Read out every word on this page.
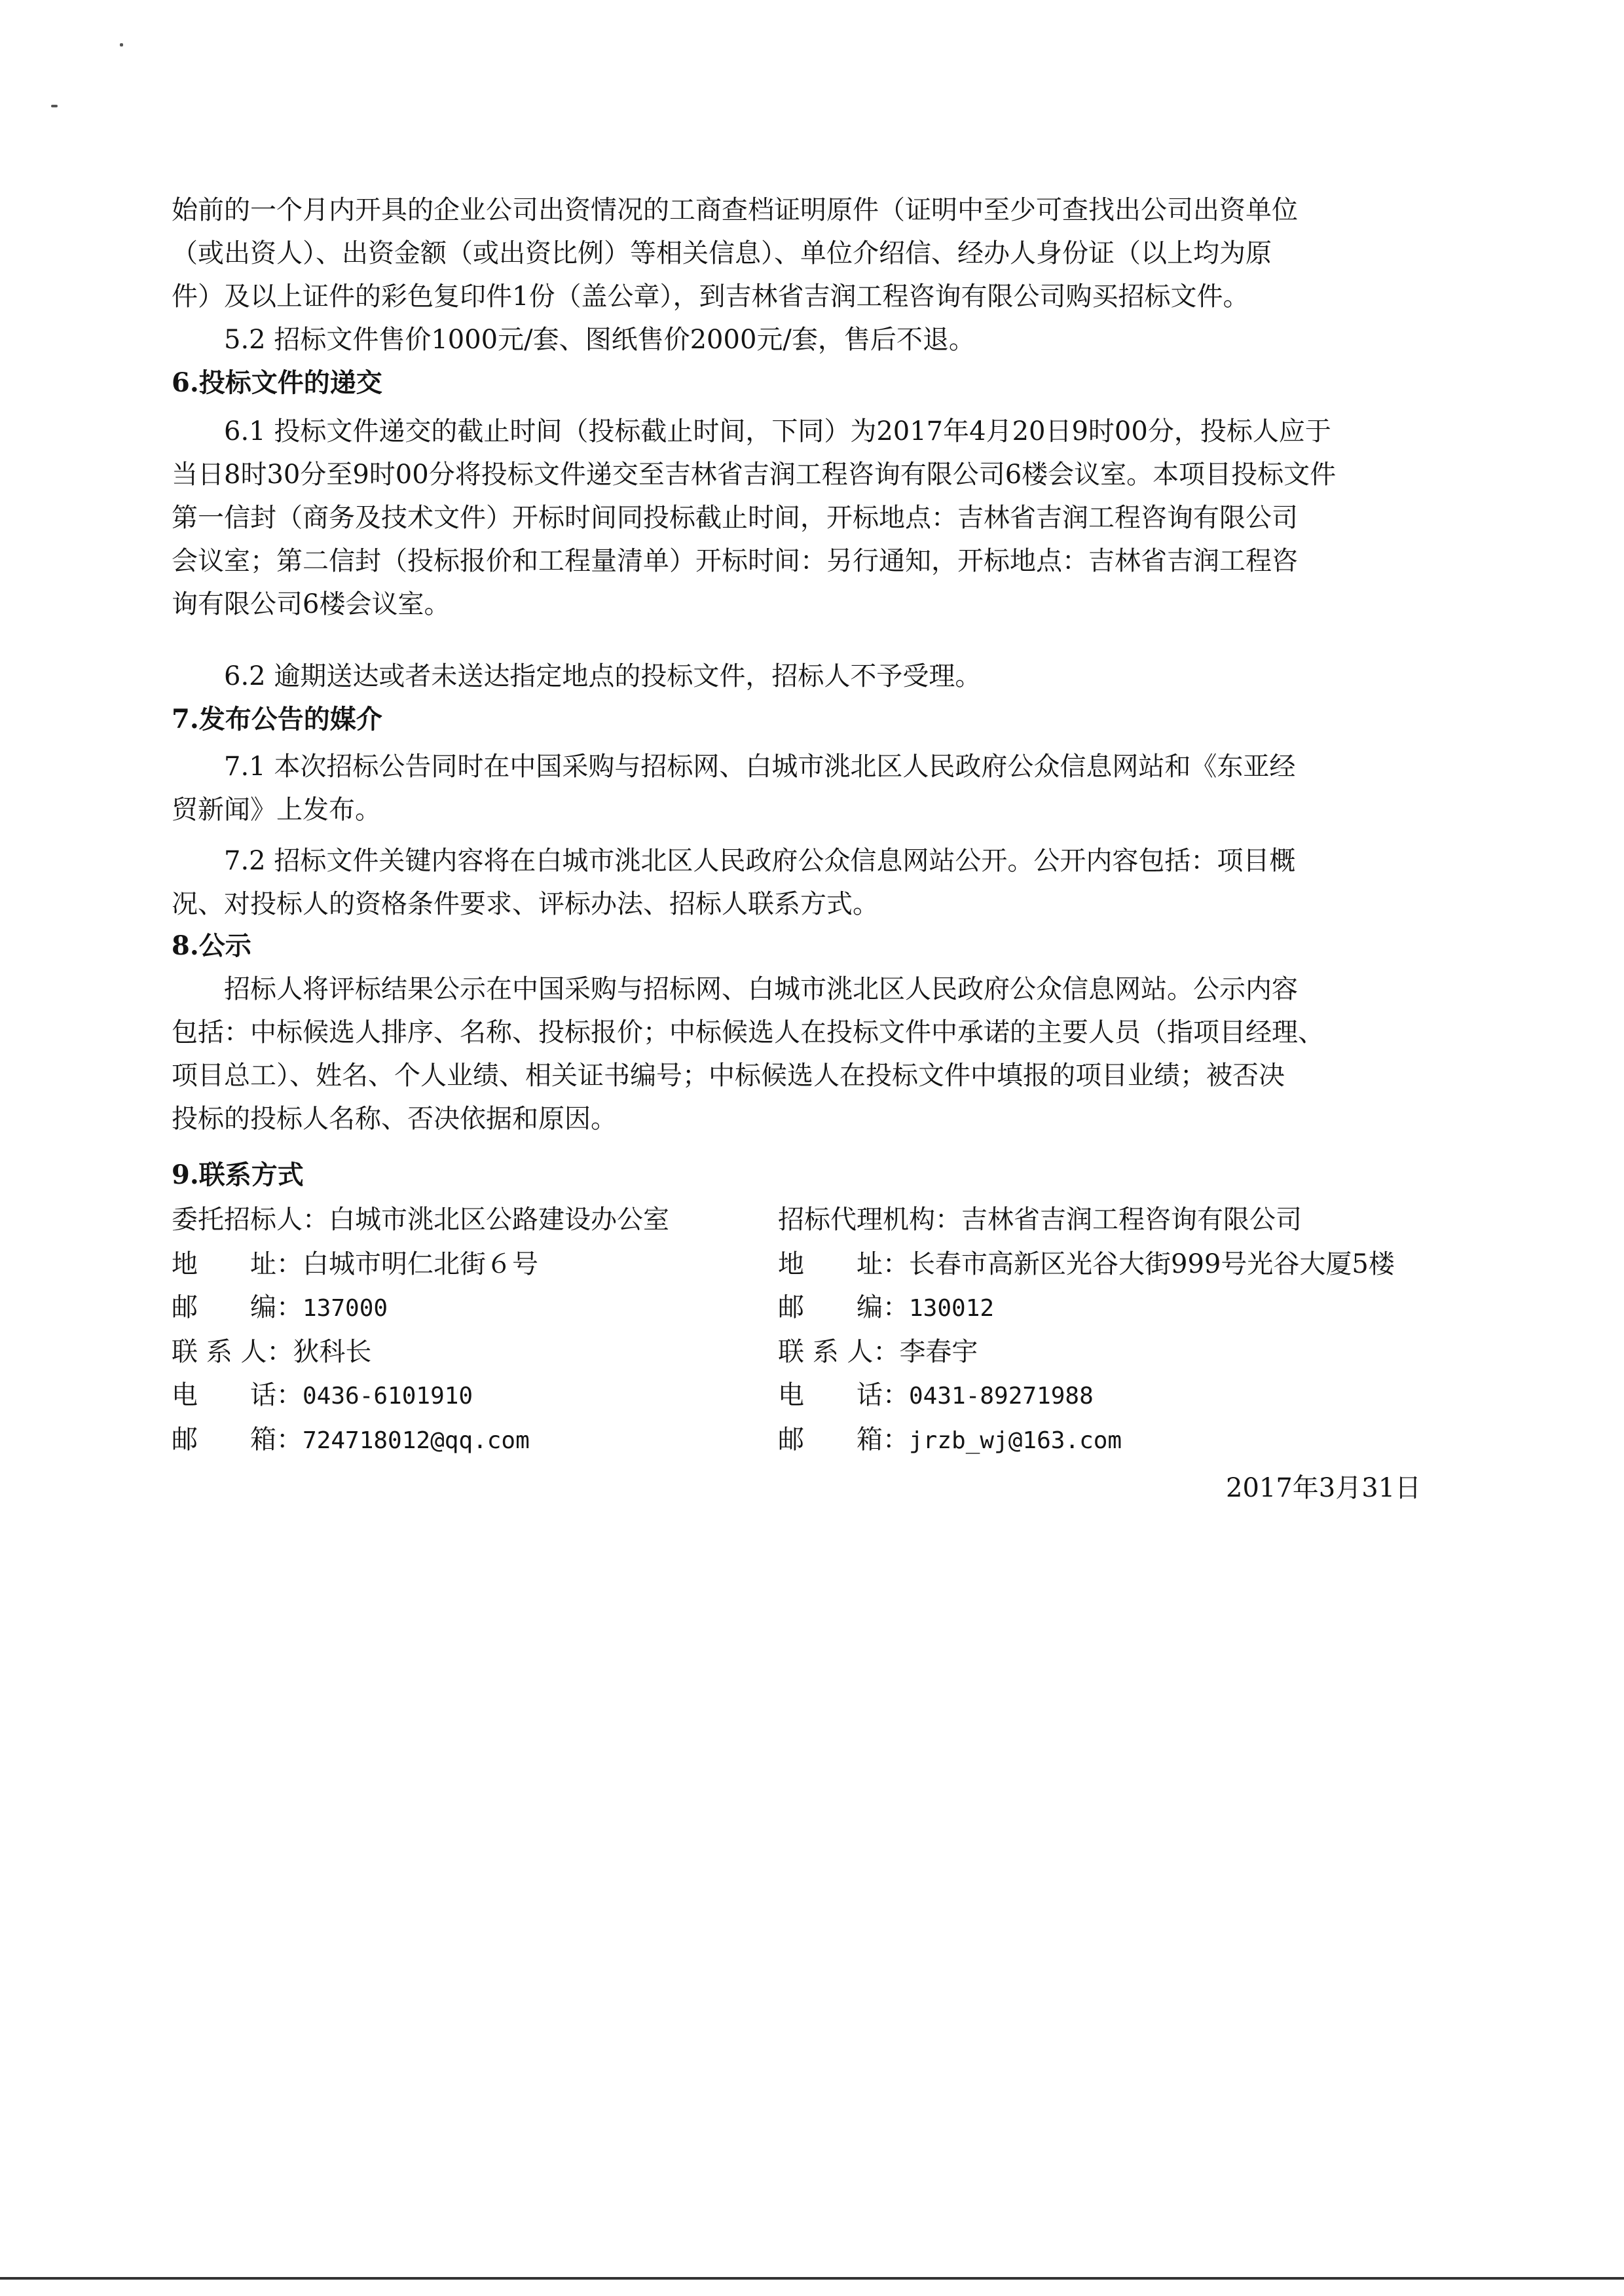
始前的一个月内开具的企业公司出资情况的工商查档证明原件（证明中至少可查找出公司出资单位
（或出资人）、出资金额（或出资比例）等相关信息）、单位介绍信、经办人身份证（以上均为原
件）及以上证件的彩色复印件1份（盖公章），到吉林省吉润工程咨询有限公司购买招标文件。

5.2 招标文件售价1000元/套、图纸售价2000元/套，售后不退。

6.投标文件的递交

6.1 投标文件递交的截止时间（投标截止时间，下同）为2017年4月20日9时00分，投标人应于

当日8时30分至9时00分将投标文件递交至吉林省吉润工程咨询有限公司6楼会议室。本项目投标文件
第一信封（商务及技术文件）开标时间同投标截止时间，开标地点：吉林省吉润工程咨询有限公司
会议室；第二信封（投标报价和工程量清单）开标时间：另行通知，开标地点：吉林省吉润工程咨
询有限公司6楼会议室。

6.2 逾期送达或者未送达指定地点的投标文件，招标人不予受理。

7.发布公告的媒介

7.1 本次招标公告同时在中国采购与招标网、白城市洮北区人民政府公众信息网站和《东亚经

贸新闻》上发布。

7.2 招标文件关键内容将在白城市洮北区人民政府公众信息网站公开。公开内容包括：项目概

况、对投标人的资格条件要求、评标办法、招标人联系方式。

8.公示

招标人将评标结果公示在中国采购与招标网、白城市洮北区人民政府公众信息网站。公示内容

包括：中标候选人排序、名称、投标报价；中标候选人在投标文件中承诺的主要人员（指项目经理、
项目总工）、姓名、个人业绩、相关证书编号；中标候选人在投标文件中填报的项目业绩；被否决
投标的投标人名称、否决依据和原因。

9.联系方式

委托招标人：白城市洮北区公路建设办公室
地　　址：白城市明仁北街６号
邮　　编：137000
联 系 人：狄科长
电　　话：0436-6101910
邮　　箱：724718012@qq.com
招标代理机构：吉林省吉润工程咨询有限公司
地　　址：长春市高新区光谷大街999号光谷大厦5楼
邮　　编：130012
联 系 人：李春宇
电　　话：0431-89271988
邮　　箱：jrzb_wj@163.com
2017年3月31日
